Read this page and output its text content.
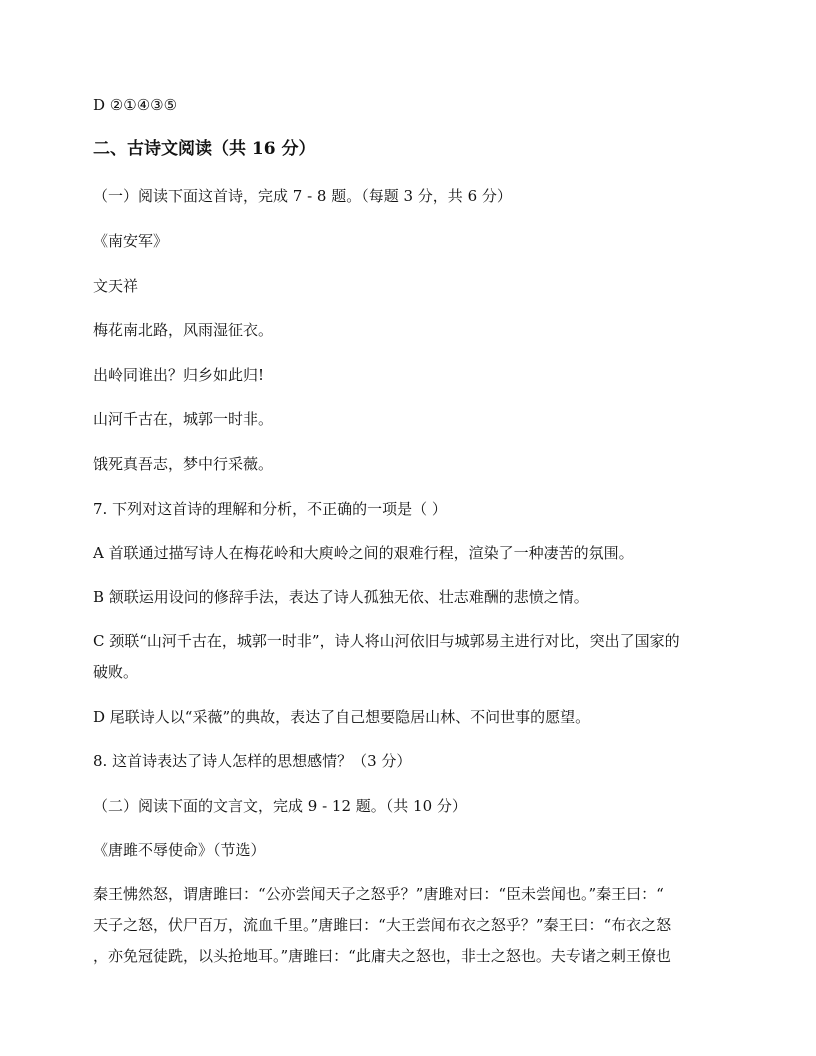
D ②①④③⑤
二、古诗文阅读（共 16 分）
（一）阅读下面这首诗，完成 7 - 8 题。（每题 3 分，共 6 分）
《南安军》
文天祥
梅花南北路，风雨湿征衣。
出岭同谁出？归乡如此归!
山河千古在，城郭一时非。
饿死真吾志，梦中行采薇。
7. 下列对这首诗的理解和分析，不正确的一项是（ ）
A 首联通过描写诗人在梅花岭和大庾岭之间的艰难行程，渲染了一种凄苦的氛围。
B 颔联运用设问的修辞手法，表达了诗人孤独无依、壮志难酬的悲愤之情。
C 颈联“山河千古在，城郭一时非”，诗人将山河依旧与城郭易主进行对比，突出了国家的
破败。
D 尾联诗人以“采薇”的典故，表达了自己想要隐居山林、不问世事的愿望。
8. 这首诗表达了诗人怎样的思想感情？（3 分）
（二）阅读下面的文言文，完成 9 - 12 题。（共 10 分）
《唐雎不辱使命》（节选）
秦王怫然怒，谓唐雎曰：“公亦尝闻天子之怒乎？”唐雎对曰：“臣未尝闻也。”秦王曰：“
天子之怒，伏尸百万，流血千里。”唐雎曰：“大王尝闻布衣之怒乎？”秦王曰：“布衣之怒
，亦免冠徒跣，以头抢地耳。”唐雎曰：“此庸夫之怒也，非士之怒也。夫专诸之刺王僚也
